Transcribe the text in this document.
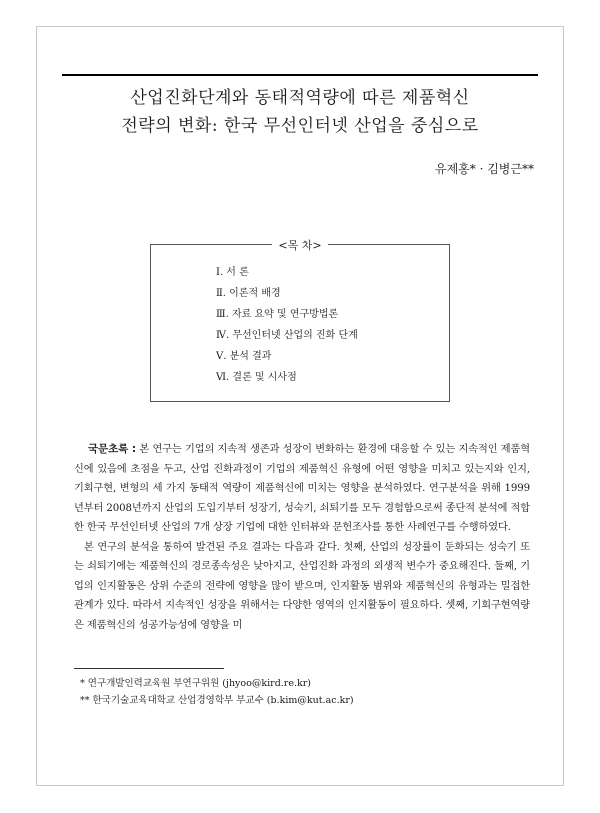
산업진화단계와 동태적역량에 따른 제품혁신
전략의 변화: 한국 무선인터넷 산업을 중심으로
유제홍* · 김병근**
<목 차>
Ⅰ. 서 론
Ⅱ. 이론적 배경
Ⅲ. 자료 요약 및 연구방법론
Ⅳ. 무선인터넷 산업의 진화 단계
Ⅴ. 분석 결과
Ⅵ. 결론 및 시사점

국문초록 : 본 연구는 기업의 지속적 생존과 성장이 변화하는 환경에 대응할 수 있는 지속적인 제품혁신에 있음에 초점을 두고, 산업 진화과정이 기업의 제품혁신 유형에 어떤 영향을 미치고 있는지와 인지, 기회구현, 변형의 세 가지 동태적 역량이 제품혁신에 미치는 영향을 분석하였다. 연구분석을 위해 1999년부터 2008년까지 산업의 도입기부터 성장기, 성숙기, 쇠퇴기를 모두 경험함으로써 종단적 분석에 적합한 한국 무선인터넷 산업의 7개 상장 기업에 대한 인터뷰와 문헌조사를 통한 사례연구를 수행하였다.

본 연구의 분석을 통하여 발견된 주요 결과는 다음과 같다. 첫째, 산업의 성장률이 둔화되는 성숙기 또는 쇠퇴기에는 제품혁신의 경로종속성은 낮아지고, 산업진화 과정의 외생적 변수가 중요해진다. 둘째, 기업의 인지활동은 상위 수준의 전략에 영향을 많이 받으며, 인지활동 범위와 제품혁신의 유형과는 밀접한 관계가 있다. 따라서 지속적인 성장을 위해서는 다양한 영역의 인지활동이 필요하다. 셋째, 기회구현역량은 제품혁신의 성공가능성에 영향을 미

* 연구개발인력교육원 부연구위원 (jhyoo@kird.re.kr)
** 한국기술교육대학교 산업경영학부 부교수 (b.kim@kut.ac.kr)
